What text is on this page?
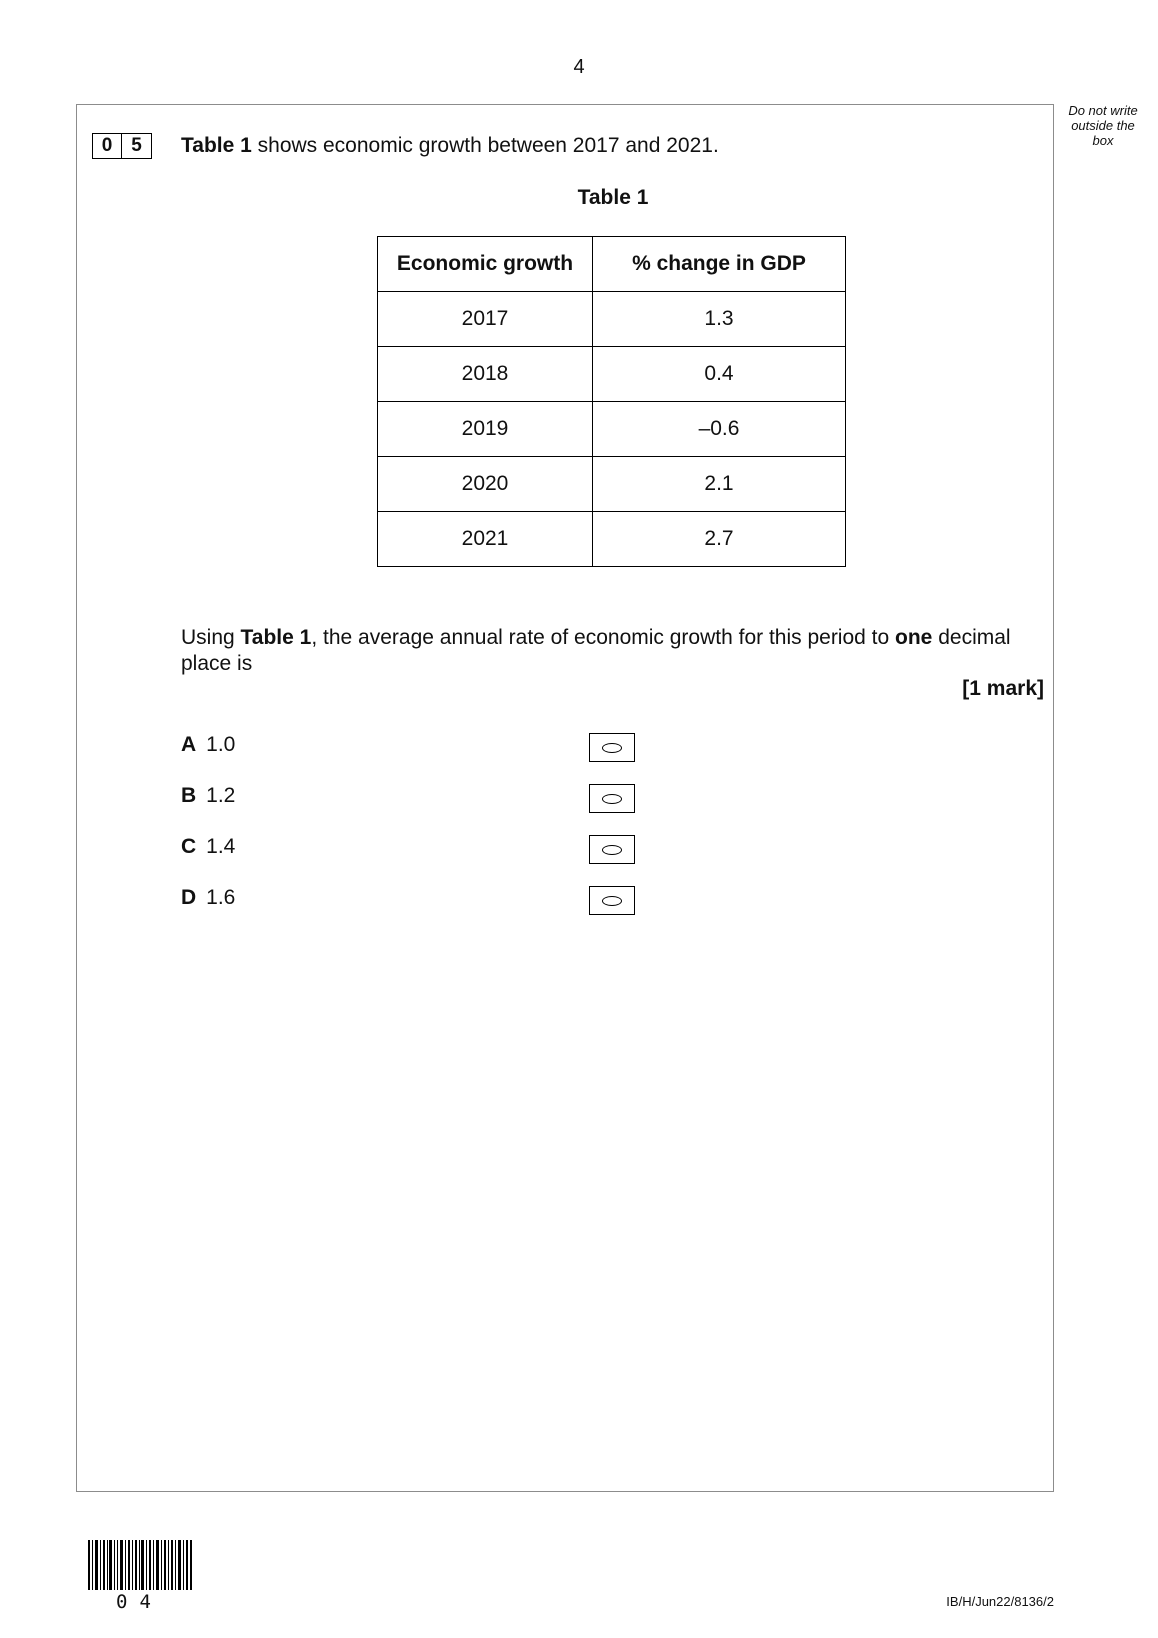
4
Do not write
outside the
box
0 5	Table 1 shows economic growth between 2017 and 2021.
Table 1
Economic growth	% change in GDP
2017	1.3
2018	0.4
2019	–0.6
2020	2.1
2021	2.7
Using Table 1, the average annual rate of economic growth for this period to one decimal place is
[1 mark]
A 1.0
B 1.2
C 1.4
D 1.6
04	IB/H/Jun22/8136/2
